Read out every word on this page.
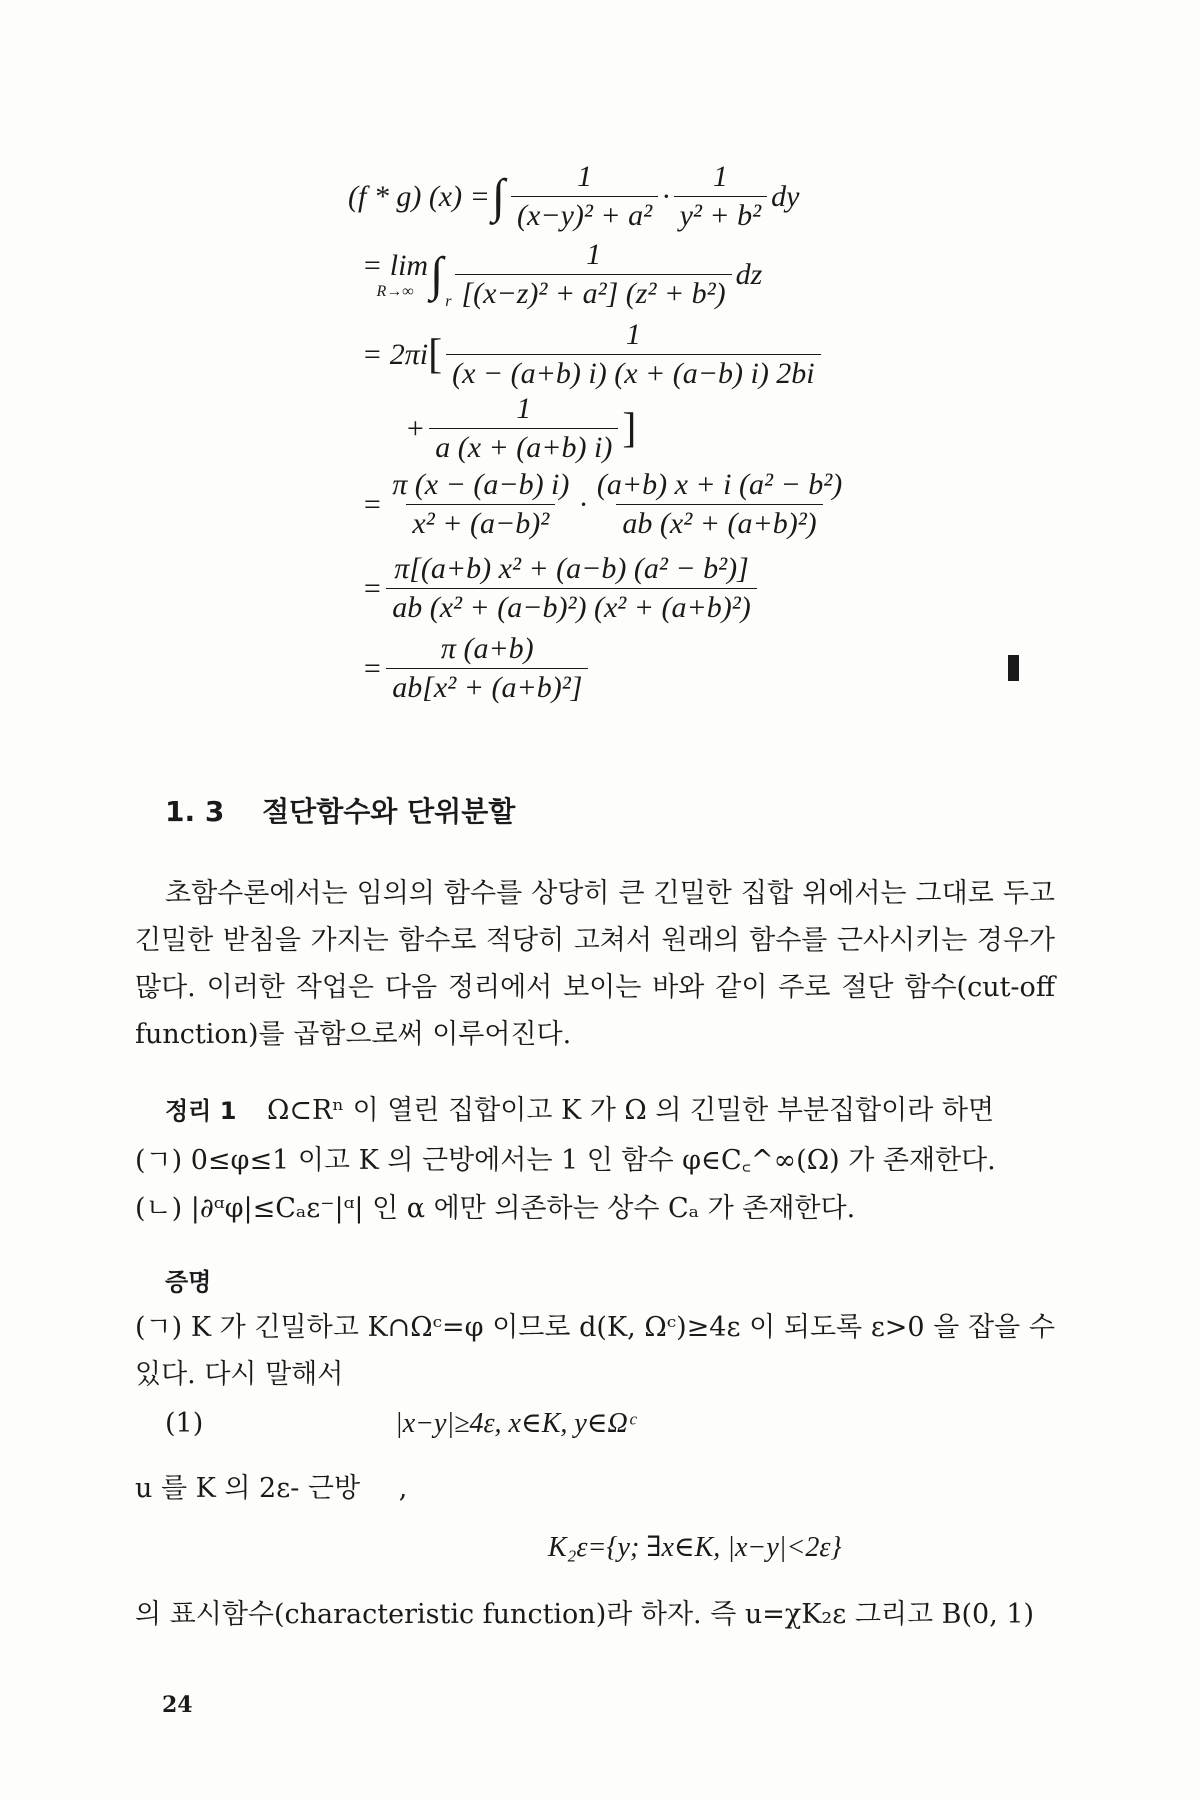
(f * g) (x) = ∫ $\frac{1}{\text{(x−y)² + a²}} \cdot \frac{1}{\text{y² + b²}}$ dy
= lim
R→∞ ∫
r $\frac{1}{\text{[(x−z)² + a²] (z² + b²)}}$ dz
= 2πi [ $\frac{1}{(x - (a+b) i) (x + (a-b) i) 2bi}$
+ $\frac{1}{a (x + (a+b) i)}$ ]
= $\frac{\pi (x - (a-b) i)}{\text{x² + (a−b)²}} \cdot \frac{\text{(a+b) x + i (a² − b²)}}{\text{ab (x² + (a+b)²)}}$
= $\frac{\text{π[(a+b) x² + (a−b) (a² − b²)]}}{\text{ab (x² + (a−b)²) (x² + (a+b)²)}}$
= $\frac{\pi (a+b)}{\text{ab[x² + (a+b)²]}}$
1. 3 절단함수와 단위분할
초함수론에서는 임의의 함수를 상당히 큰 긴밀한 집합 위에서는 그대로 두고 긴밀한 받침을 가지는 함수로 적당히 고쳐서 원래의 함수를 근사시키는 경우가 많다. 이러한 작업은 다음 정리에서 보이는 바와 같이 주로 절단 함수(cut-off function)를 곱함으로써 이루어진다.
정리 1 Ω⊂Rⁿ 이 열린 집합이고 K 가 Ω 의 긴밀한 부분집합이라 하면
(ㄱ) 0≤φ≤1 이고 K 의 근방에서는 1 인 함수 φ∈C꜀^∞(Ω) 가 존재한다.
(ㄴ) |∂ᵅφ|≤Cₐε⁻|ᵅ| 인 α 에만 의존하는 상수 Cₐ 가 존재한다.
증명
(ㄱ) K 가 긴밀하고 K∩Ωᶜ=φ 이므로 d(K, Ωᶜ)≥4ε 이 되도록 ε>0 을 잡을 수 있다. 다시 말해서
(1)	|x−y|≥4ε, x∈K, y∈Ωᶜ
u 를 K 의 2ε- 근방 ,
K₂ε={y; ∃x∈K, |x−y|<2ε}
의 표시함수(characteristic function)라 하자. 즉 u=χK₂ε 그리고 B(0, 1)
24
